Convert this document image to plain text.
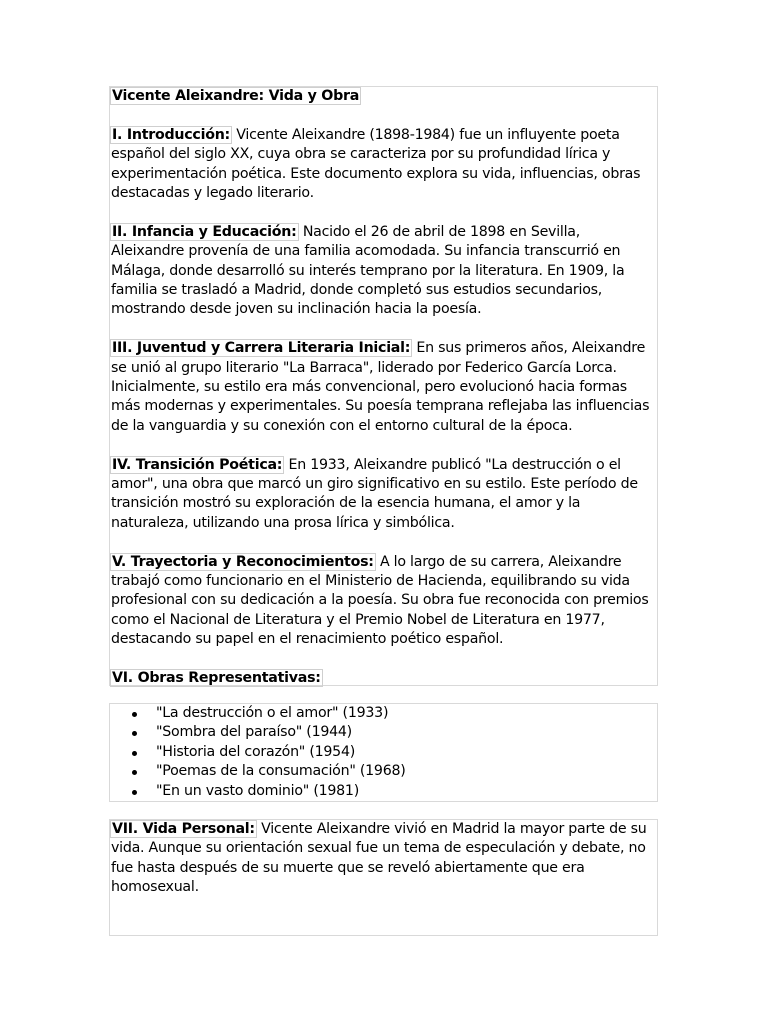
Vicente Aleixandre: Vida y Obra

I. Introducción: Vicente Aleixandre (1898-1984) fue un influyente poeta español del siglo XX, cuya obra se caracteriza por su profundidad lírica y experimentación poética. Este documento explora su vida, influencias, obras destacadas y legado literario.

II. Infancia y Educación: Nacido el 26 de abril de 1898 en Sevilla, Aleixandre provenía de una familia acomodada. Su infancia transcurrió en Málaga, donde desarrolló su interés temprano por la literatura. En 1909, la familia se trasladó a Madrid, donde completó sus estudios secundarios, mostrando desde joven su inclinación hacia la poesía.

III. Juventud y Carrera Literaria Inicial: En sus primeros años, Aleixandre se unió al grupo literario "La Barraca", liderado por Federico García Lorca. Inicialmente, su estilo era más convencional, pero evolucionó hacia formas más modernas y experimentales. Su poesía temprana reflejaba las influencias de la vanguardia y su conexión con el entorno cultural de la época.

IV. Transición Poética: En 1933, Aleixandre publicó "La destrucción o el amor", una obra que marcó un giro significativo en su estilo. Este período de transición mostró su exploración de la esencia humana, el amor y la naturaleza, utilizando una prosa lírica y simbólica.

V. Trayectoria y Reconocimientos: A lo largo de su carrera, Aleixandre trabajó como funcionario en el Ministerio de Hacienda, equilibrando su vida profesional con su dedicación a la poesía. Su obra fue reconocida con premios como el Nacional de Literatura y el Premio Nobel de Literatura en 1977, destacando su papel en el renacimiento poético español.

VI. Obras Representativas:

"La destrucción o el amor" (1933)
"Sombra del paraíso" (1944)
"Historia del corazón" (1954)
"Poemas de la consumación" (1968)
"En un vasto dominio" (1981)

VII. Vida Personal: Vicente Aleixandre vivió en Madrid la mayor parte de su vida. Aunque su orientación sexual fue un tema de especulación y debate, no fue hasta después de su muerte que se reveló abiertamente que era homosexual.
